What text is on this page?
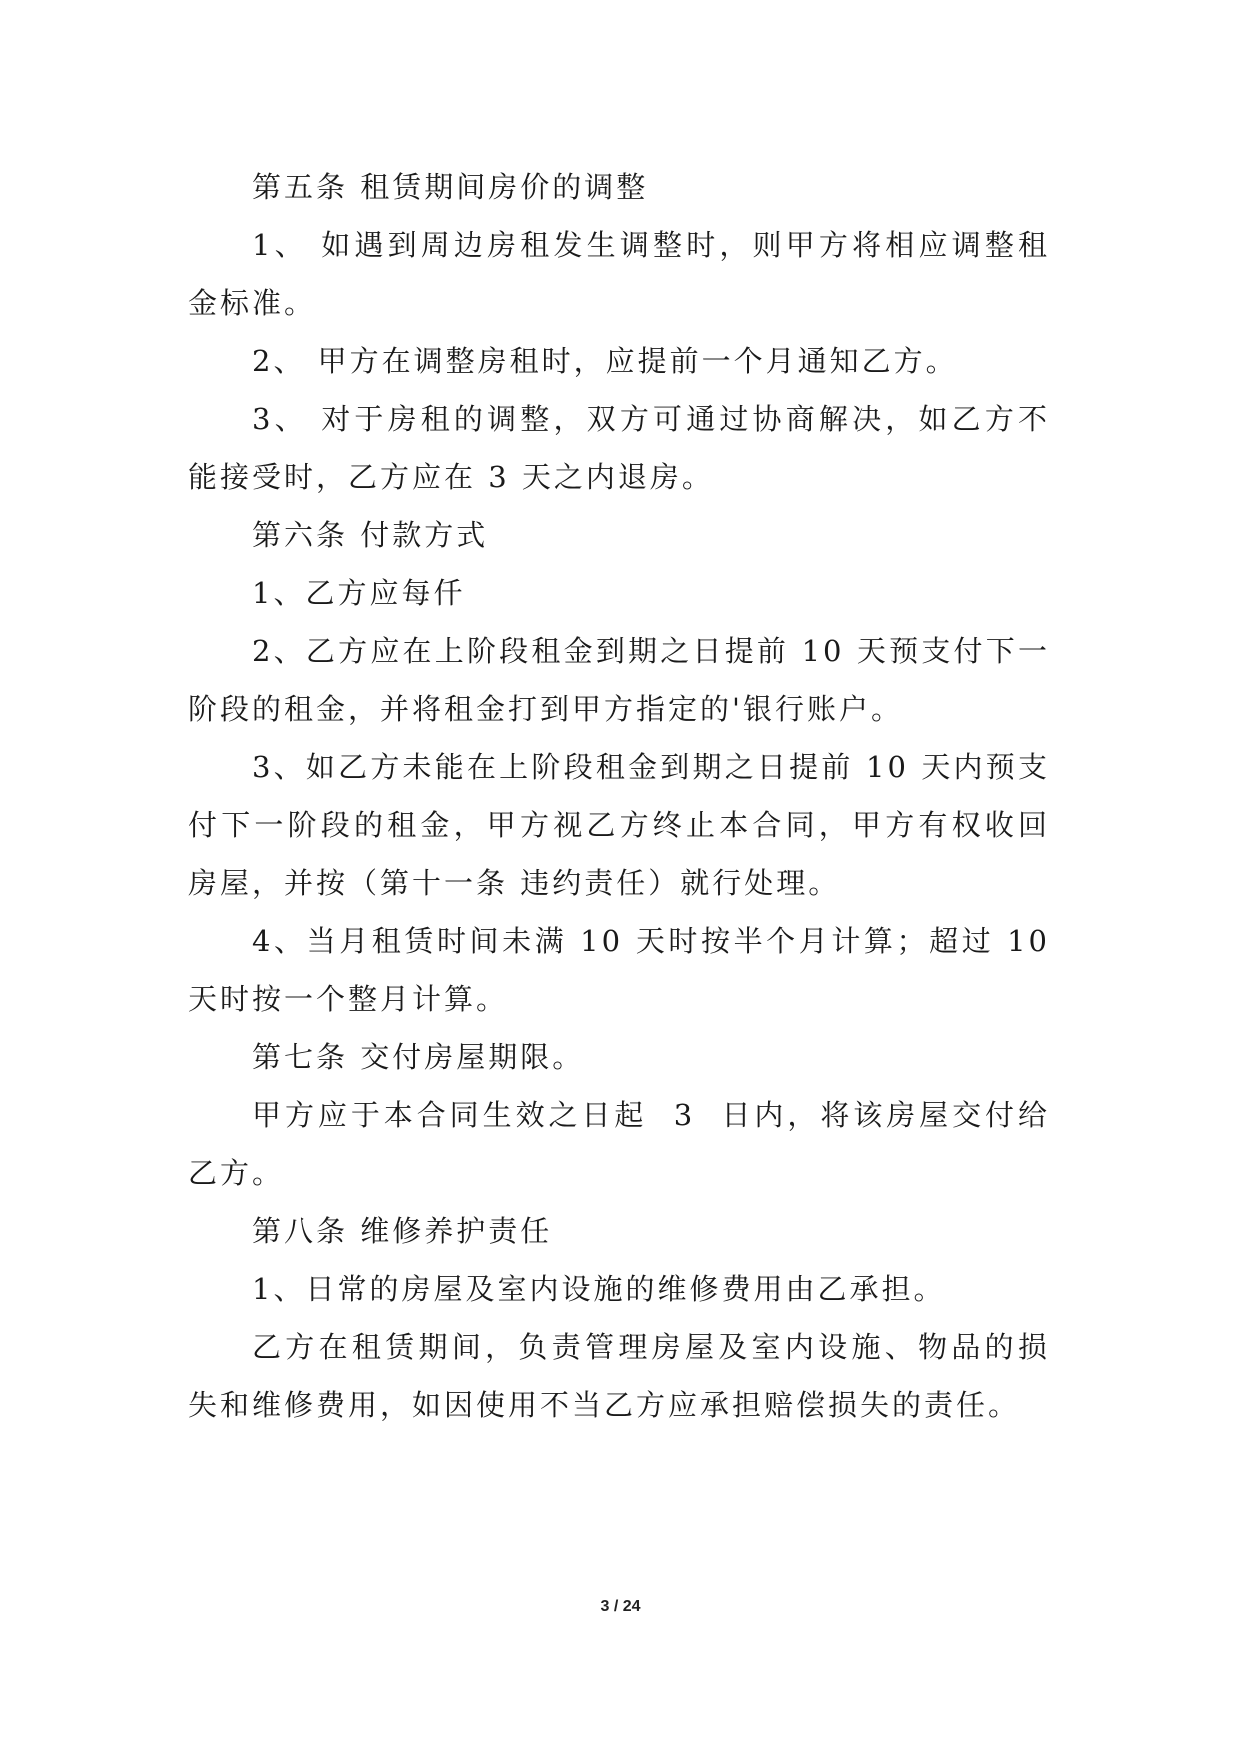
第五条 租赁期间房价的调整

1、 如遇到周边房租发生调整时，则甲方将相应调整租金标准。

2、 甲方在调整房租时，应提前一个月通知乙方。

3、 对于房租的调整，双方可通过协商解决，如乙方不能接受时，乙方应在 3 天之内退房。

第六条 付款方式

1、乙方应每仟

2、乙方应在上阶段租金到期之日提前 10 天预支付下一阶段的租金，并将租金打到甲方指定的'银行账户。

3、如乙方未能在上阶段租金到期之日提前 10 天内预支付下一阶段的租金，甲方视乙方终止本合同，甲方有权收回房屋，并按（第十一条 违约责任）就行处理。

4、当月租赁时间未满 10 天时按半个月计算；超过 10 天时按一个整月计算。

第七条 交付房屋期限。

甲方应于本合同生效之日起  3  日内，将该房屋交付给乙方。

第八条 维修养护责任

1、日常的房屋及室内设施的维修费用由乙承担。

乙方在租赁期间，负责管理房屋及室内设施、物品的损失和维修费用，如因使用不当乙方应承担赔偿损失的责任。

3 / 24
